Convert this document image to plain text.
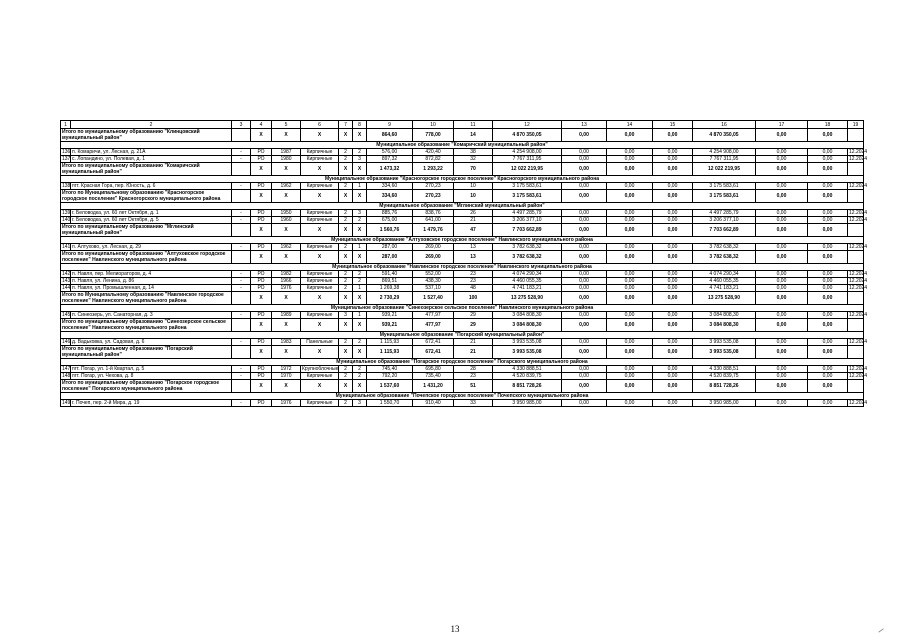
1	2	3	4	5	6	7	8	9	10	11	12	13	14	15	16	17	18	19
Итого по муниципальному образованию "Клинцовский муниципальный район"			X	X	X	X	X	864,60	778,00	14	4 870 350,05	0,00	0,00	0,00	4 870 350,05	0,00	0,00	
Муниципальное образование "Комаричский муниципальный район"																		
136	п. Комаричи, ул. Лесная, д. 21А	-	РО	1987	Кирпичные	2	2	576,00	420,40	38	4 254 908,00	0,00	0,00	0,00	4 254 908,00	0,00	0,00	12.2024
137	с. Лопандино, ул. Полевая, д. 1	-	РО	1980	Кирпичные	2	3	897,32	872,82	32	7 767 311,95	0,00	0,00	0,00	7 767 311,95	0,00	0,00	12.2024
Итого по муниципальному образованию "Комаричский муниципальный район"			X	X	X	X	X	1 473,32	1 293,22	70	12 022 219,95	0,00	0,00	0,00	12 022 219,95	0,00	0,00	
Муниципальное образование "Красногорское городское поселение" Красногорского муниципального района																		
138	пгт. Красная Гора, пер. Юность, д. 6	-	РО	1962	Кирпичные	2	1	334,60	270,23	10	3 175 583,61	0,00	0,00	0,00	3 175 583,61	0,00	0,00	12.2024
Итого по Муниципальному образованию "Красногорское городское поселение" Красногорского муниципального района			X	X	X	X	X	334,60	270,23	10	3 175 583,61	0,00	0,00	0,00	3 175 583,61	0,00	0,00	
Муниципальное образование "Мглинский муниципальный район"																		
139	г. Беловодка, ул. 60 лет Октября, д. 1	-	РО	1950	Кирпичные	2	3	885,76	838,76	26	4 497 285,79	0,00	0,00	0,00	4 497 285,79	0,00	0,00	12.2024
140	г. Беловодка, ул. 60 лет Октября, д. 5	-	РО	1960	Кирпичные	2	2	675,00	641,00	21	3 206 377,10	0,00	0,00	0,00	3 206 377,10	0,00	0,00	12.2024
Итого по муниципальному образованию "Мглинский муниципальный район"			X	X	X	X	X	1 560,76	1 479,76	47	7 703 662,89	0,00	0,00	0,00	7 703 662,89	0,00	0,00	
Муниципальное образование "Алтуховское городское поселение" Навлинского муниципального района																		
141	п. Алтухово, ул. Лесная, д. 29	-	РО	1962	Кирпичные	2	1	287,00	269,00	13	3 782 638,32	0,00	0,00	0,00	3 782 638,32	0,00	0,00	12.2024
Итого по муниципальному образованию "Алтуховское городское поселение" Навлинского муниципального района			X	X	X	X	X	287,00	269,00	13	3 782 638,32	0,00	0,00	0,00	3 782 638,32	0,00	0,00	
Муниципальное образование "Навлинское городское поселение" Навлинского муниципального района																		
142	п. Навля, пер. Мелиораторов, д. 4	-	РО	1982	Кирпичные	2	2	591,40	552,00	23	4 074 290,34	0,00	0,00	0,00	4 074 290,34	0,00	0,00	12.2024
143	п. Навля, ул. Ленина, д. 86	-	РО	1966	Кирпичные	2	2	869,51	438,30	23	4 460 055,35	0,00	0,00	0,00	4 460 055,35	0,00	0,00	12.2024
144	п. Навля, ул. Промышленная, д. 14	-	РО	1976	Кирпичные	2	1	1 269,38	537,10	48	4 741 183,21	0,00	0,00	0,00	4 741 183,21	0,00	0,00	12.2024
Итого по Муниципальному образованию "Навлинское городское поселение" Навлинского муниципального района			X	X	X	X	X	2 730,29	1 527,40	100	13 275 528,90	0,00	0,00	0,00	13 275 528,90	0,00	0,00	
Муниципальное образование "Синеозерское сельское поселение" Навлинского муниципального района																		
145	п. Синеозерь, ул. Санаторная, д. 3	-	РО	1989	Кирпичные	3	1	939,21	477,97	29	3 084 808,30	0,00	0,00	0,00	3 084 808,30	0,00	0,00	12.2024
Итого по муниципальному образованию "Синеозерское сельское поселение" Навлинского муниципального района			X	X	X	X	X	939,21	477,97	29	3 084 808,30	0,00	0,00	0,00	3 084 808,30	0,00	0,00	
Муниципальное образование "Погарский муниципальный район"																		
146	д. Вадьковка, ул. Садовая, д. 6	-	РО	1983	Панельные	2	2	1 115,93	672,41	21	3 993 535,08	0,00	0,00	0,00	3 993 535,08	0,00	0,00	12.2024
Итого по муниципальному образованию "Погарский муниципальный район"			X	X	X	X	X	1 115,93	672,41	21	3 993 535,08	0,00	0,00	0,00	3 993 535,08	0,00	0,00	
Муниципальное образование "Погарское городское поселение" Погарского муниципального района																		
147	пгт. Погар, ул. 1-й Квартал, д. 5	-	РО	1972	Крупноблочные	2	2	745,40	695,80	28	4 330 888,51	0,00	0,00	0,00	4 330 888,51	0,00	0,00	12.2024
148	пгт. Погар, ул. Чехова, д. 8	-	РО	1970	Кирпичные	2	2	792,20	735,40	23	4 520 839,75	0,00	0,00	0,00	4 520 839,75	0,00	0,00	12.2024
Итого по муниципальному образованию "Погарское городское поселение" Погарского муниципального района			X	X	X	X	X	1 537,60	1 431,20	51	8 851 728,26	0,00	0,00	0,00	8 851 728,26	0,00	0,00	
Муниципальное образование "Почепское городское поселение" Почепского муниципального района																		
149	г. Почеп, пер. 2-й Мира, д. 19	-	РО	1976	Кирпичные	2	3	1 550,70	910,40	33	3 950 985,00	0,00	0,00	0,00	3 950 985,00	0,00	0,00	12.2024
13
